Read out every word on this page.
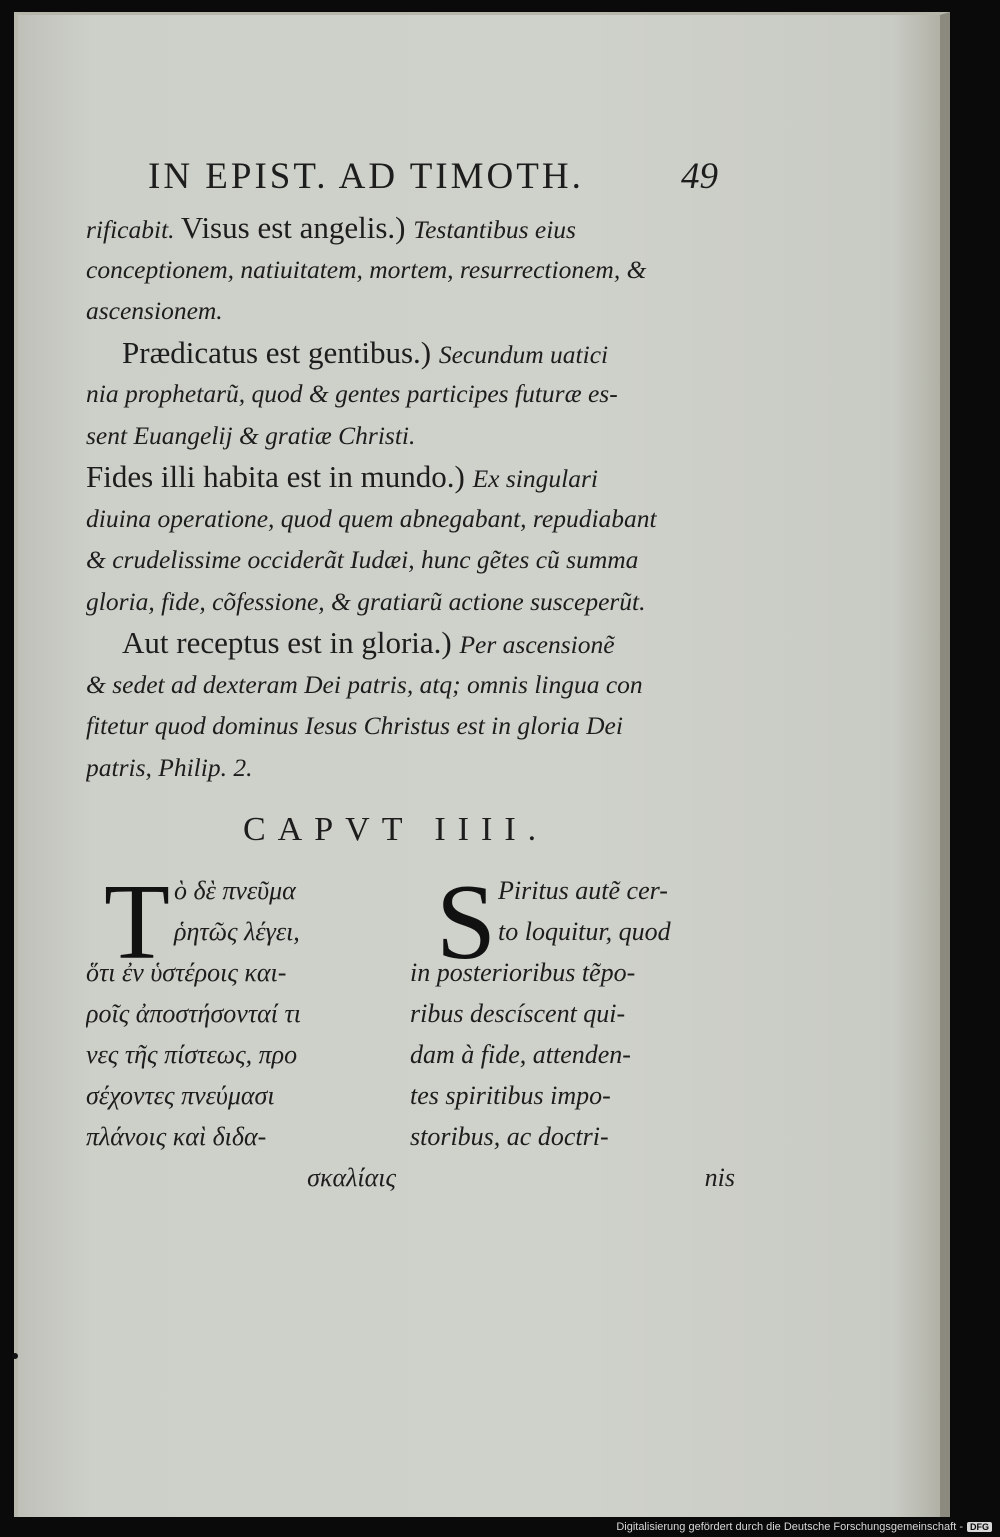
IN EPIST. AD TIMOTH.	49
rificabit. Visus est angelis.) Testantibus eius
conceptionem, natiuitatem, mortem, resurrectionem, &
ascensionem.
Prædicatus est gentibus.) Secundum uatici
nia prophetarũ, quod & gentes participes futuræ es-
sent Euangelij & gratiæ Christi.
Fides illi habita est in mundo.) Ex singulari
diuina operatione, quod quem abnegabant, repudiabant
& crudelissime occiderãt Iudæi, hunc gẽtes cũ summa
gloria, fide, cõfessione, & gratiarũ actione susceperũt.
Aut receptus est in gloria.) Per ascensionẽ
& sedet ad dexteram Dei patris, atq; omnis lingua con
fitetur quod dominus Iesus Christus est in gloria Dei
patris, Philip. 2.
CAPVT IIII.
T ὸ δὲ πνεῦμα
ῥητῶς λέγει,
ὅτι ἐν ὑστέροις και-
ροῖς ἀποστήσονταί τι
νες τῆς πίστεως, προ
σέχοντες πνεύμασι
πλάνοις καὶ διδα-
σκαλίαις
S Piritus autẽ cer-
to loquitur, quod
in posterioribus tẽpo-
ribus descíscent qui-
dam à fide, attenden-
tes spiritibus impo-
storibus, ac doctri-
nis
Digitalisierung gefördert durch die Deutsche Forschungsgemeinschaft - DFG
